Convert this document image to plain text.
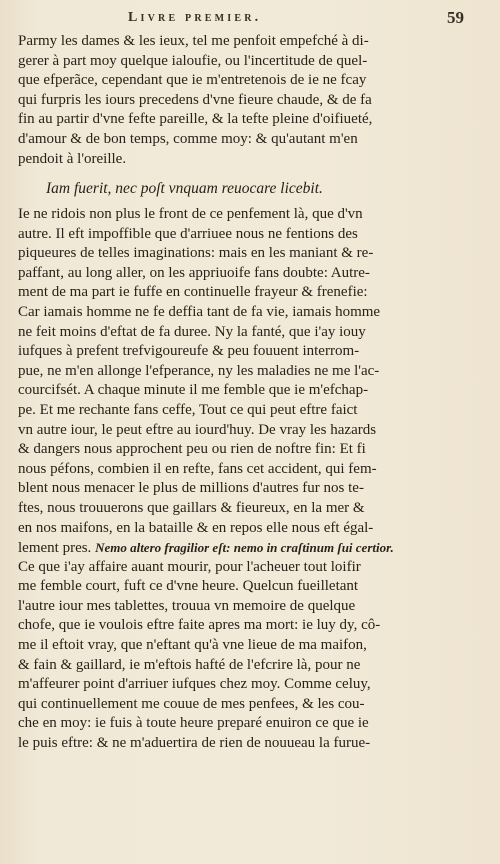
Livre premier.	59
Parmy les dames & les ieux, tel me penfoit empefché à di-
gerer à part moy quelque ialoufie, ou l'incertitude de quel-
que efperãce, cependant que ie m'entretenois de ie ne fcay
qui furpris les iours precedens d'vne fieure chaude, & de fa
fin au partir d'vne fefte pareille, & la tefte pleine d'oifiueté,
d'amour & de bon temps, comme moy: & qu'autant m'en
pendoit à l'oreille.
Iam fuerit, nec poſt vnquam reuocare licebit.
Ie ne ridois non plus le front de ce penfement là, que d'vn
autre. Il eft impoffible que d'arriuee nous ne fentions des
piqueures de telles imaginations: mais en les maniant & re-
paffant, au long aller, on les appriuoife fans doubte: Autre-
ment de ma part ie fuffe en continuelle frayeur & frenefie:
Car iamais homme ne fe deffia tant de fa vie, iamais homme
ne feit moins d'eftat de fa duree. Ny la fanté, que i'ay iouy
iufques à prefent trefvigoureufe & peu fouuent interrom-
pue, ne m'en allonge l'efperance, ny les maladies ne me l'ac-
courcifsét. A chaque minute il me femble que ie m'efchap-
pe. Et me rechante fans ceffe, Tout ce qui peut eftre faict
vn autre iour, le peut eftre au iourd'huy. De vray les hazards
& dangers nous approchent peu ou rien de noftre fin: Et fi
nous péfons, combien il en refte, fans cet accident, qui fem-
blent nous menacer le plus de millions d'autres fur nos te-
ftes, nous trouuerons que gaillars & fieureux, en la mer &
en nos maifons, en la bataille & en repos elle nous eft égal-
lement pres. Nemo altero fragilior eſt: nemo in craſtinum ſui certior.
Ce que i'ay affaire auant mourir, pour l'acheuer tout loifir
me femble court, fuft ce d'vne heure. Quelcun fueilletant
l'autre iour mes tablettes, trouua vn memoire de quelque
chofe, que ie voulois eftre faite apres ma mort: ie luy dy, cô-
me il eftoit vray, que n'eftant qu'à vne lieue de ma maifon,
& fain & gaillard, ie m'eftois hafté de l'efcrire là, pour ne
m'affeurer point d'arriuer iufques chez moy. Comme celuy,
qui continuellement me couue de mes penfees, & les cou-
che en moy: ie fuis à toute heure preparé enuiron ce que ie
le puis eftre: & ne m'aduertira de rien de nouueau la furue-
